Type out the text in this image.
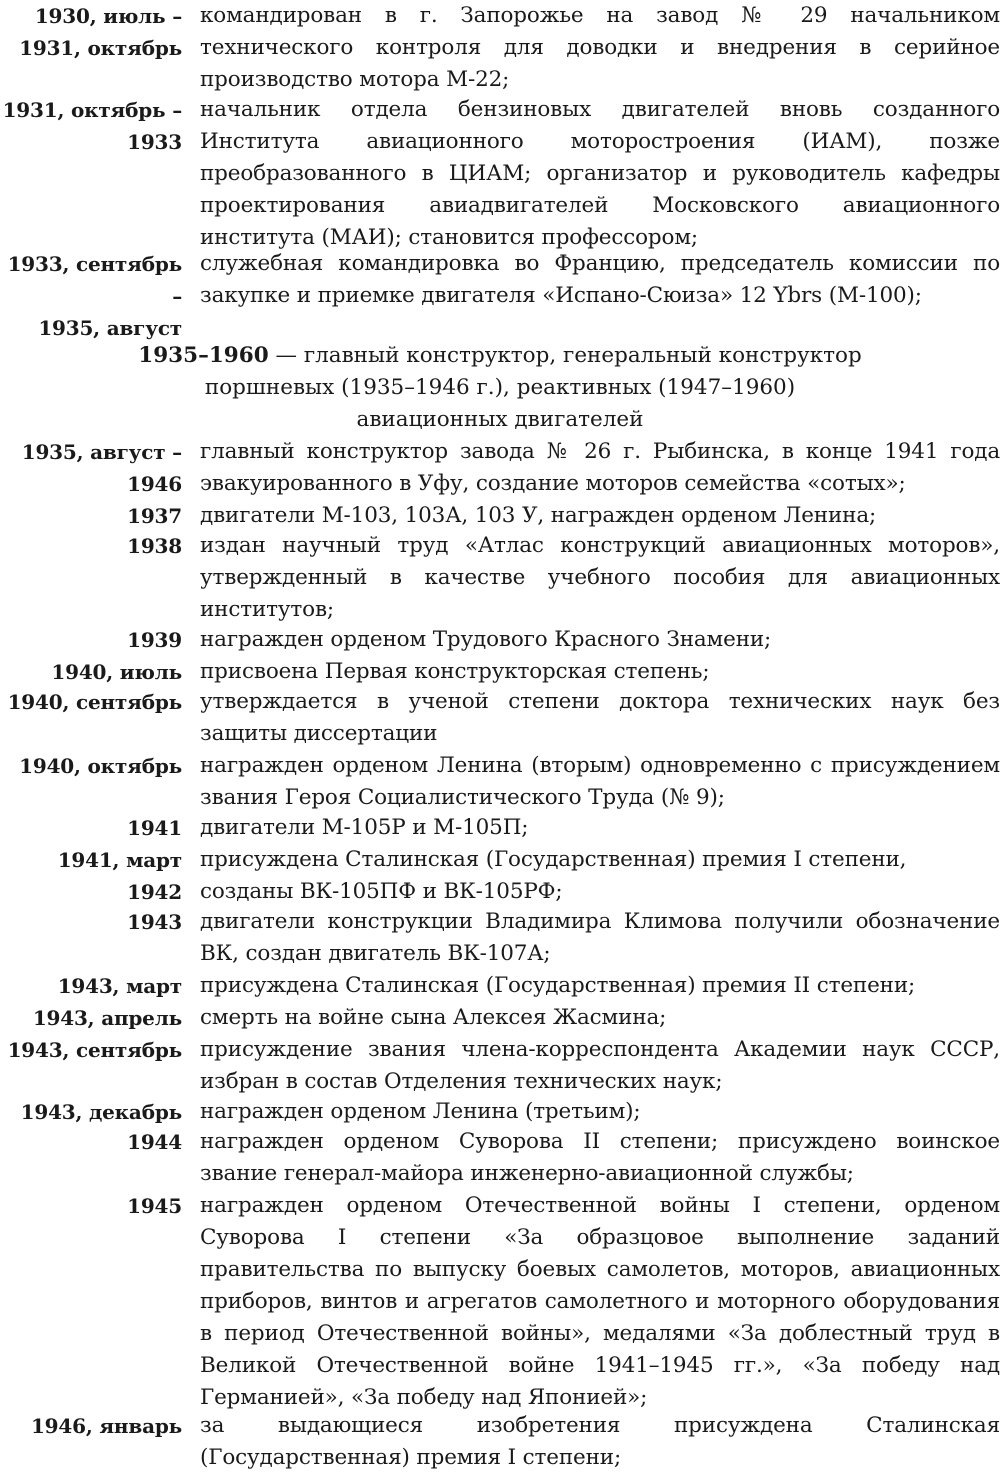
1930, июль –
1931, октябрь
командирован в г. Запорожье на завод № 29 начальником технического контроля для доводки и внедрения в серийное производство мотора М-22;
1931, октябрь –
1933
начальник отдела бензиновых двигателей вновь созданного Института авиационного моторостроения (ИАМ), позже преобразованного в ЦИАМ; организатор и руководитель кафедры проектирования авиадвигателей Московского авиационного института (МАИ); становится профессором;
1933, сентябрь –
1935, август
служебная командировка во Францию, председатель комиссии по закупке и приемке двигателя «Испано-Сюиза» 12 Ybrs (М-100);
1935–1960 — главный конструктор, генеральный конструктор
поршневых (1935–1946 г.), реактивных (1947–1960)
авиационных двигателей
1935, август –
1946
главный конструктор завода № 26 г. Рыбинска, в конце 1941 года эвакуированного в Уфу, создание моторов семейства «сотых»;
1937 двигатели М-103, 103А, 103 У, награжден орденом Ленина;
1938 издан научный труд «Атлас конструкций авиационных моторов», утвержденный в качестве учебного пособия для авиационных институтов;
1939 награжден орденом Трудового Красного Знамени;
1940, июль присвоена Первая конструкторская степень;
1940, сентябрь утверждается в ученой степени доктора технических наук без защиты диссертации
1940, октябрь награжден орденом Ленина (вторым) одновременно с присуждением звания Героя Социалистического Труда (№ 9);
1941 двигатели М-105Р и М-105П;
1941, март присуждена Сталинская (Государственная) премия I степени,
1942 созданы ВК-105ПФ и ВК-105РФ;
1943 двигатели конструкции Владимира Климова получили обозначение ВК, создан двигатель ВК-107А;
1943, март присуждена Сталинская (Государственная) премия II степени;
1943, апрель смерть на войне сына Алексея Жасмина;
1943, сентябрь присуждение звания члена-корреспондента Академии наук СССР, избран в состав Отделения технических наук;
1943, декабрь награжден орденом Ленина (третьим);
1944 награжден орденом Суворова II степени; присуждено воинское звание генерал-майора инженерно-авиационной службы;
1945 награжден орденом Отечественной войны I степени, орденом Суворова I степени «За образцовое выполнение заданий правительства по выпуску боевых самолетов, моторов, авиационных приборов, винтов и агрегатов самолетного и моторного оборудования в период Отечественной войны», медалями «За доблестный труд в Великой Отечественной войне 1941–1945 гг.», «За победу над Германией», «За победу над Японией»;
1946, январь за выдающиеся изобретения присуждена Сталинская (Государственная) премия I степени;
